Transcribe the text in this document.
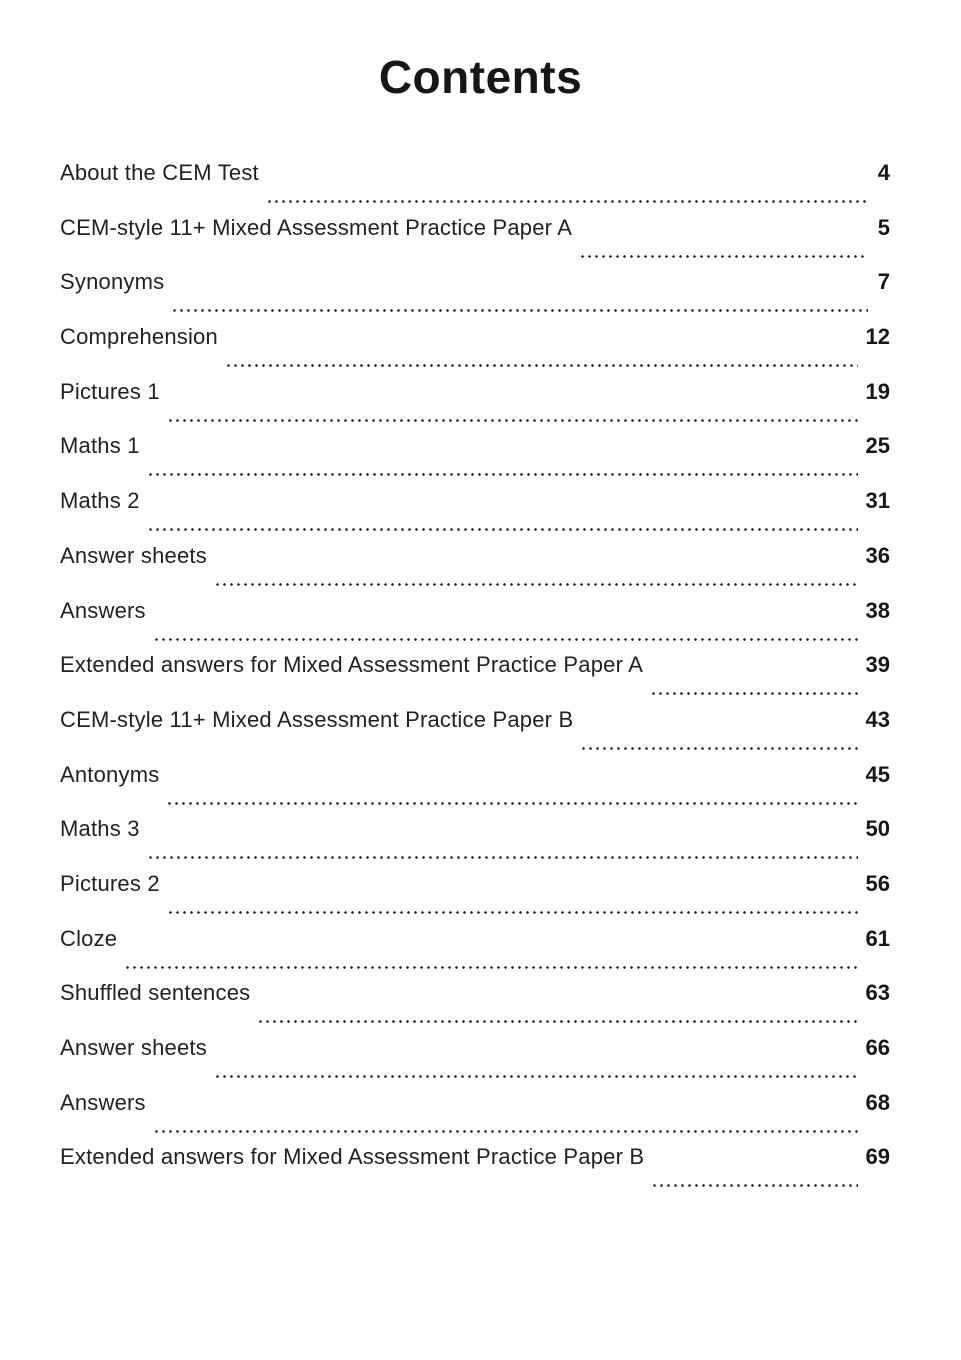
Contents
About the CEM Test	4
CEM-style 11+ Mixed Assessment Practice Paper A	5
Synonyms	7
Comprehension	12
Pictures 1	19
Maths 1	25
Maths 2	31
Answer sheets	36
Answers	38
Extended answers for Mixed Assessment Practice Paper A	39
CEM-style 11+ Mixed Assessment Practice Paper B	43
Antonyms	45
Maths 3	50
Pictures 2	56
Cloze	61
Shuffled sentences	63
Answer sheets	66
Answers	68
Extended answers for Mixed Assessment Practice Paper B	69
